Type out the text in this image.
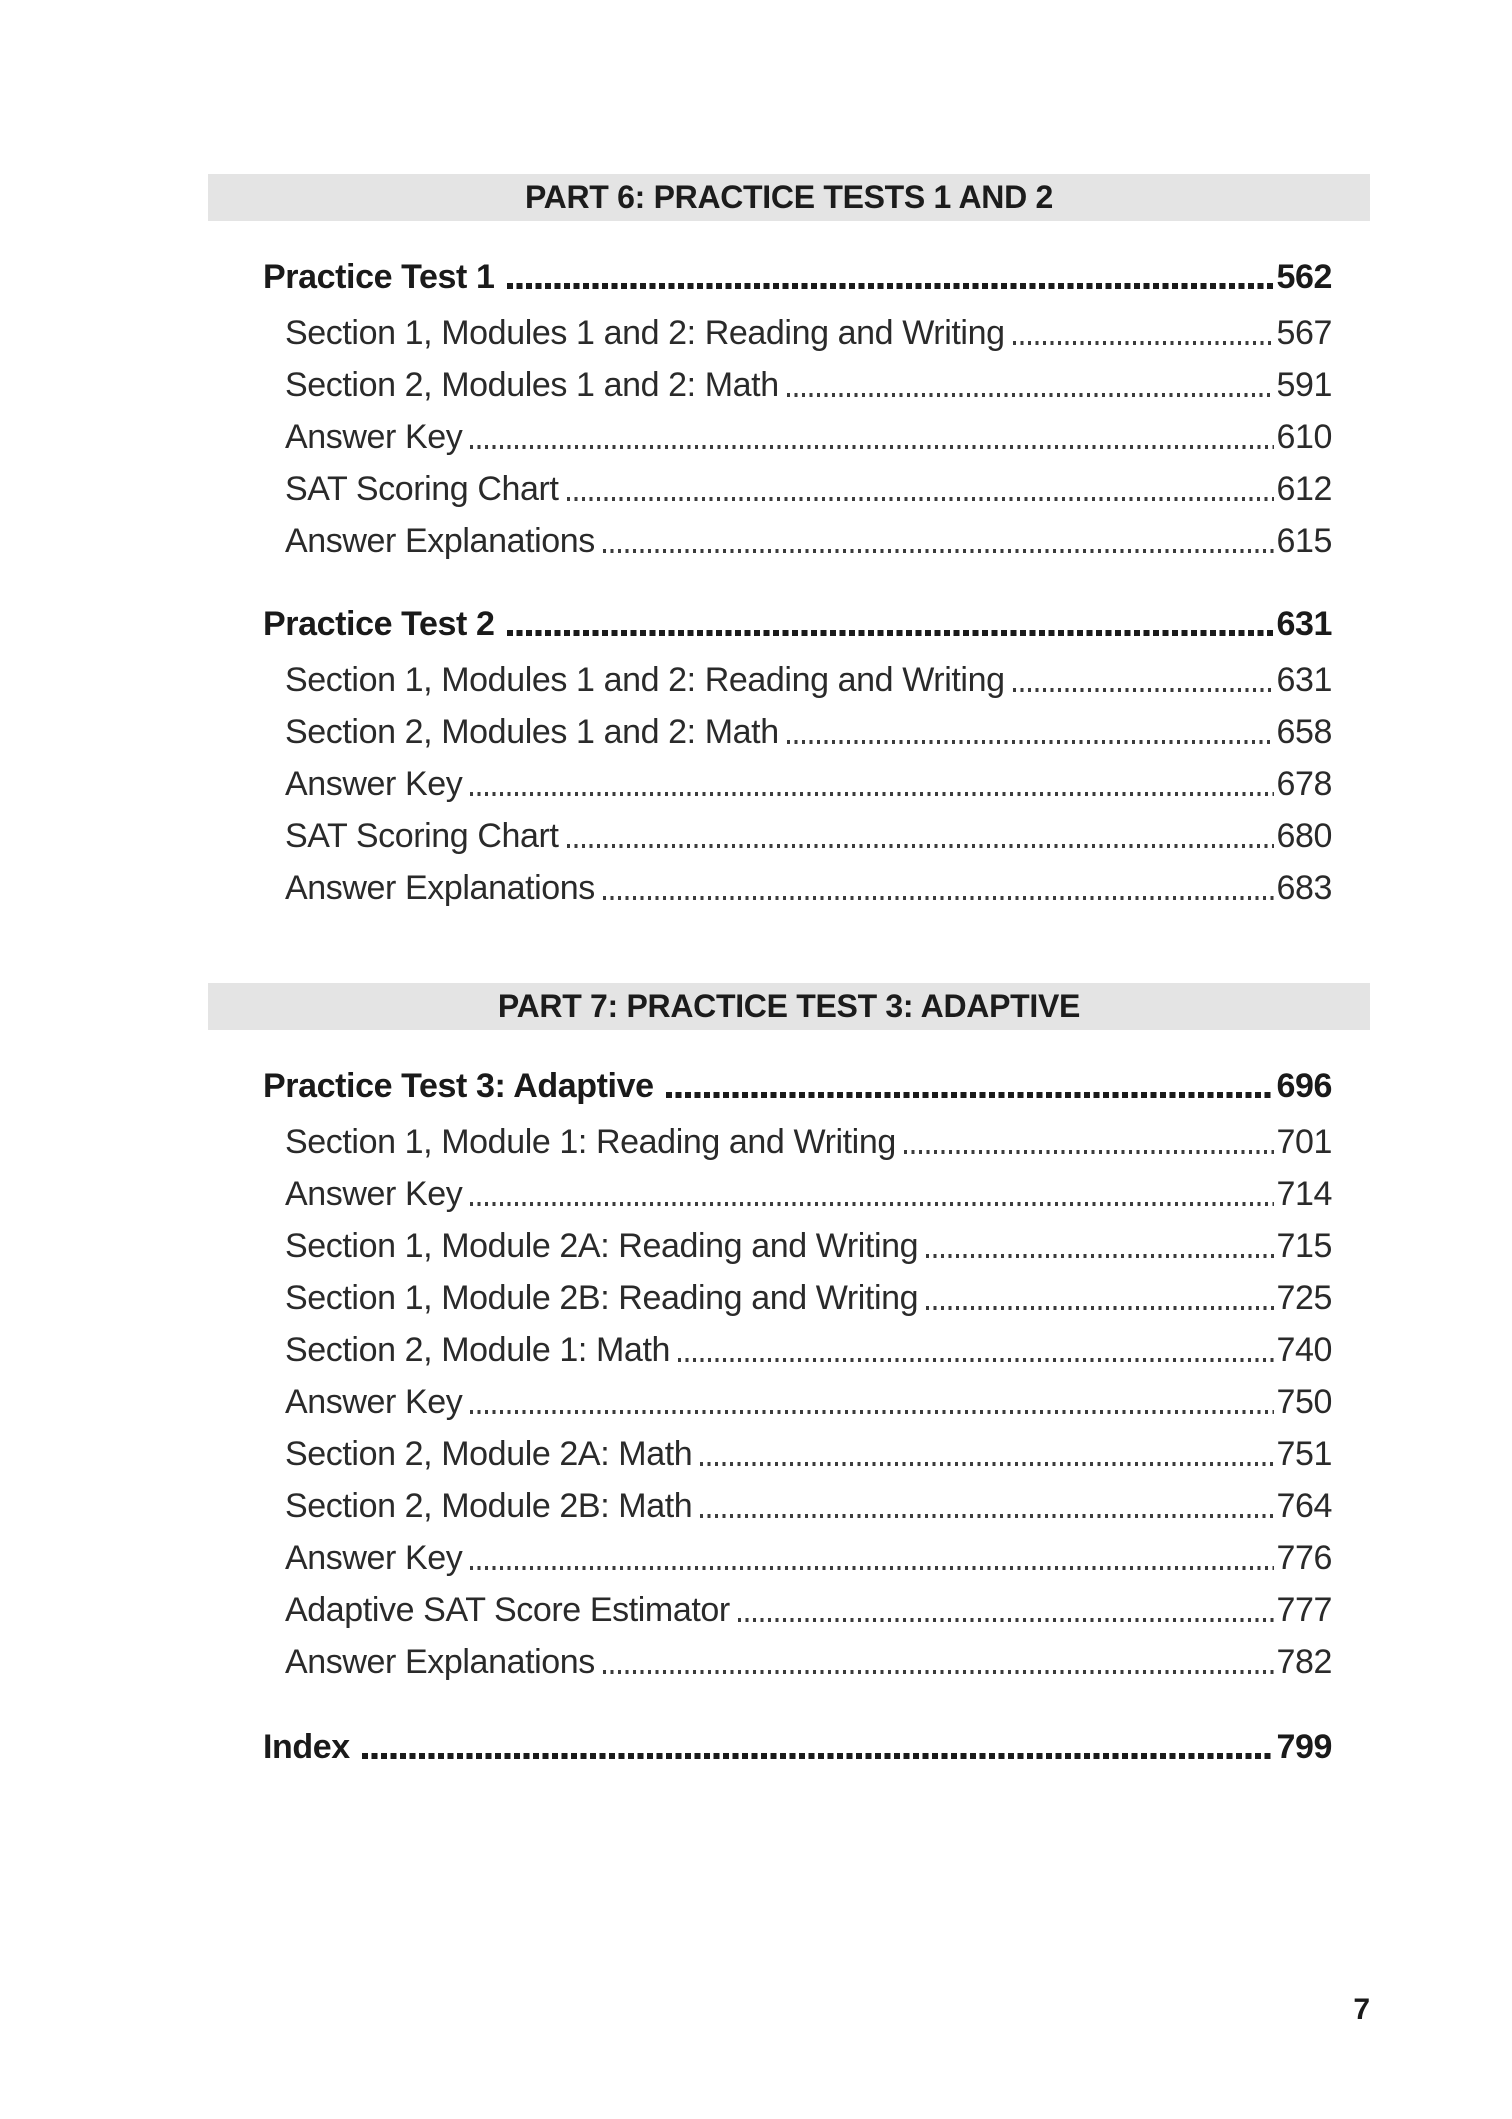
PART 6: PRACTICE TESTS 1 AND 2
Practice Test 1	562
Section 1, Modules 1 and 2: Reading and Writing	567
Section 2, Modules 1 and 2: Math	591
Answer Key	610
SAT Scoring Chart	612
Answer Explanations	615
Practice Test 2	631
Section 1, Modules 1 and 2: Reading and Writing	631
Section 2, Modules 1 and 2: Math	658
Answer Key	678
SAT Scoring Chart	680
Answer Explanations	683
PART 7: PRACTICE TEST 3: ADAPTIVE
Practice Test 3: Adaptive	696
Section 1, Module 1: Reading and Writing	701
Answer Key	714
Section 1, Module 2A: Reading and Writing	715
Section 1, Module 2B: Reading and Writing	725
Section 2, Module 1: Math	740
Answer Key	750
Section 2, Module 2A: Math	751
Section 2, Module 2B: Math	764
Answer Key	776
Adaptive SAT Score Estimator	777
Answer Explanations	782
Index	799
7
